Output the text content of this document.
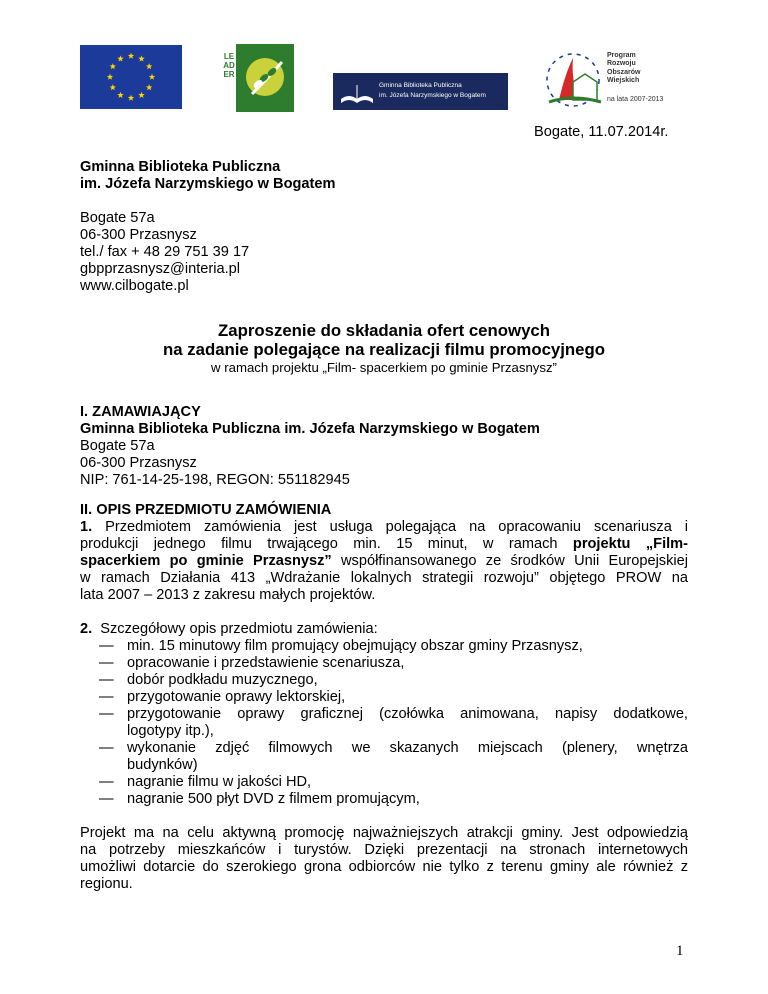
LEADER
Gminna Biblioteka Publiczna
im. Józefa Narzymskiego w Bogatem
Program
Rozwoju
Obszarów
Wiejskich
na lata 2007-2013
Bogate, 11.07.2014r.
Gminna Biblioteka Publiczna
im. Józefa Narzymskiego w Bogatem
Bogate 57a
06-300 Przasnysz
tel./ fax + 48 29 751 39 17
gbpprzasnysz@interia.pl
www.cilbogate.pl
Zaproszenie do składania ofert cenowych
na zadanie polegające na realizacji filmu promocyjnego
w ramach projektu „Film- spacerkiem po gminie Przasnysz”
I. ZAMAWIAJĄCY
Gminna Biblioteka Publiczna im. Józefa Narzymskiego w Bogatem
Bogate 57a
06-300 Przasnysz
NIP: 761-14-25-198, REGON: 551182945
II. OPIS PRZEDMIOTU ZAMÓWIENIA
1. Przedmiotem zamówienia jest usługa polegająca na opracowaniu scenariusza i
produkcji jednego filmu trwającego min. 15 minut, w ramach projektu „Film-
spacerkiem po gminie Przasnysz” współfinansowanego ze środków Unii Europejskiej
w ramach Działania 413 „Wdrażanie lokalnych strategii rozwoju” objętego PROW na
lata 2007 – 2013 z zakresu małych projektów.
2. Szczegółowy opis przedmiotu zamówienia:
— min. 15 minutowy film promujący obejmujący obszar gminy Przasnysz,
— opracowanie i przedstawienie scenariusza,
— dobór podkładu muzycznego,
— przygotowanie oprawy lektorskiej,
— przygotowanie oprawy graficznej (czołówka animowana, napisy dodatkowe,
logotypy itp.),
— wykonanie zdjęć filmowych we skazanych miejscach (plenery, wnętrza
budynków)
— nagranie filmu w jakości HD,
— nagranie 500 płyt DVD z filmem promującym,
Projekt ma na celu aktywną promocję najważniejszych atrakcji gminy. Jest odpowiedzią
na potrzeby mieszkańców i turystów. Dzięki prezentacji na stronach internetowych
umożliwi dotarcie do szerokiego grona odbiorców nie tylko z terenu gminy ale również z
regionu.
1
